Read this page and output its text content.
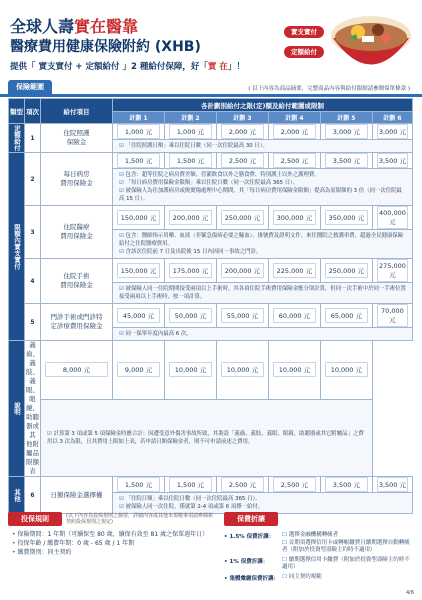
全球人壽實在醫靠
醫療費用健康保險附約 (XHB)
提供「 實支實付 + 定額給付 」2 種給付保障，好「實 在」！
實支實付
定額給付
保險範圍	( 以下內容為商品摘要，完整商品內容與給付限制請參閱保單條款 )
類型	項次	給付項目	各計劃別給付之限(定)額及給付範圍或限制					
			計劃 1	計劃 2	計劃 3	計劃 4	計劃 5	計劃 6
定額給付	1	住院照護
保險金	1,000 元	1,000 元	2,000 元	2,000 元	3,000 元	3,000 元

			☑ 「住院照護日額」乘以住院日數（同一次住院最高 30 日）。

限額內實支實付	2	每日病房
費用保險金	1,500 元	1,500 元	2,500 元	2,500 元	3,500 元	3,500 元

			☑ 包含：超等住院之病房費差額、管灌飲食以外之膳食費、特別護士以外之護理費。
☑ 「每日病房費用保險金限額」乘以住院日數（同一次住院最高 365 日）。
☑ 被保險人為住加護病房或燒燙傷處理中心期間，其「每日病房費用保險金限額」提高為原限額的 3 倍（同一次住院最高 15 日）。

	3	住院醫療
費用保險金	150,000 元	200,000 元	250,000 元	300,000 元	350,000 元	400,000 元

			☑ 包含：醫師指示用藥、血液（非緊急傷病必要之輸血）、掛號費及證明文件、來往醫院之救護車費、超過全民健康保險給付之住院醫療費用。
☑ 含該次住院前 7 日及出院後 15 日內因同一事故之門診。

	4	住院手術
費用保險金	150,000 元	175,000 元	200,000 元	225,000 元	250,000 元	275,000 元

			☑ 被保險人同一住院期間接受兩項以上手術時，其各項住院手術費用保險金應分別計算，但同一次手術中於同一手術位置接受兩項以上手術時，按一項計算。

	5	門診手術或門診特
定診療費用保險金	45,000 元	50,000 元	55,000 元	60,000 元	65,000 元	70,000 元

			☑ 同一保單年度內最高 6 次。

說明	義齒、義肢、義眼、
眼鏡、助聽器或其
他附屬品限額表	8,000 元	9,000 元	10,000 元	10,000 元	10,000 元	10,000 元	

		☑ 計算第 3 項或第 5 項保險金時應合計：因遭受意外傷害事故所致，其裝設「義齒、義肢、義眼、眼鏡、助聽器或其它附屬品」之費用以 3 次為限，且其費用上限如上表，若申請日額保險金者，則不可申請前述之費用。

其他	6	日額保險金選擇權	1,500 元	1,500 元	2,500 元	2,500 元	3,500 元	3,500 元

			☑ 「住院日額」乘以住院日數（同一次住院最高 365 日）。
☑ 被保險人同一次住院，僅就第 2-4 項或第 6 項擇一給付。
投保規則	(以下內容為投保規則之摘要，詳細內容或其他未規範事項請參閱新契約投保規則之規定)
• 保險期間：1 年期（可續保至 80 歲，續保有效至 81 歲之保單週年日）
• 投保年齡 / 繳費年期：0 歲 - 65 歲 / 1 年期
• 繳費期別：同主契約
保費折讓
• 1.5% 保費折讓：	☐ 選擇金融機構轉帳者
☐ 首期須選擇信用卡或轉帳繳費且續期選擇自動轉帳者（附加於投資型壽險主約時不適用）
• 1% 保費折讓：	☐ 續期選擇信用卡繳費（附加於投資型壽險主約時不適用）
• 集體彙繳保費折讓：	☐ 同主契約規範
4/6
